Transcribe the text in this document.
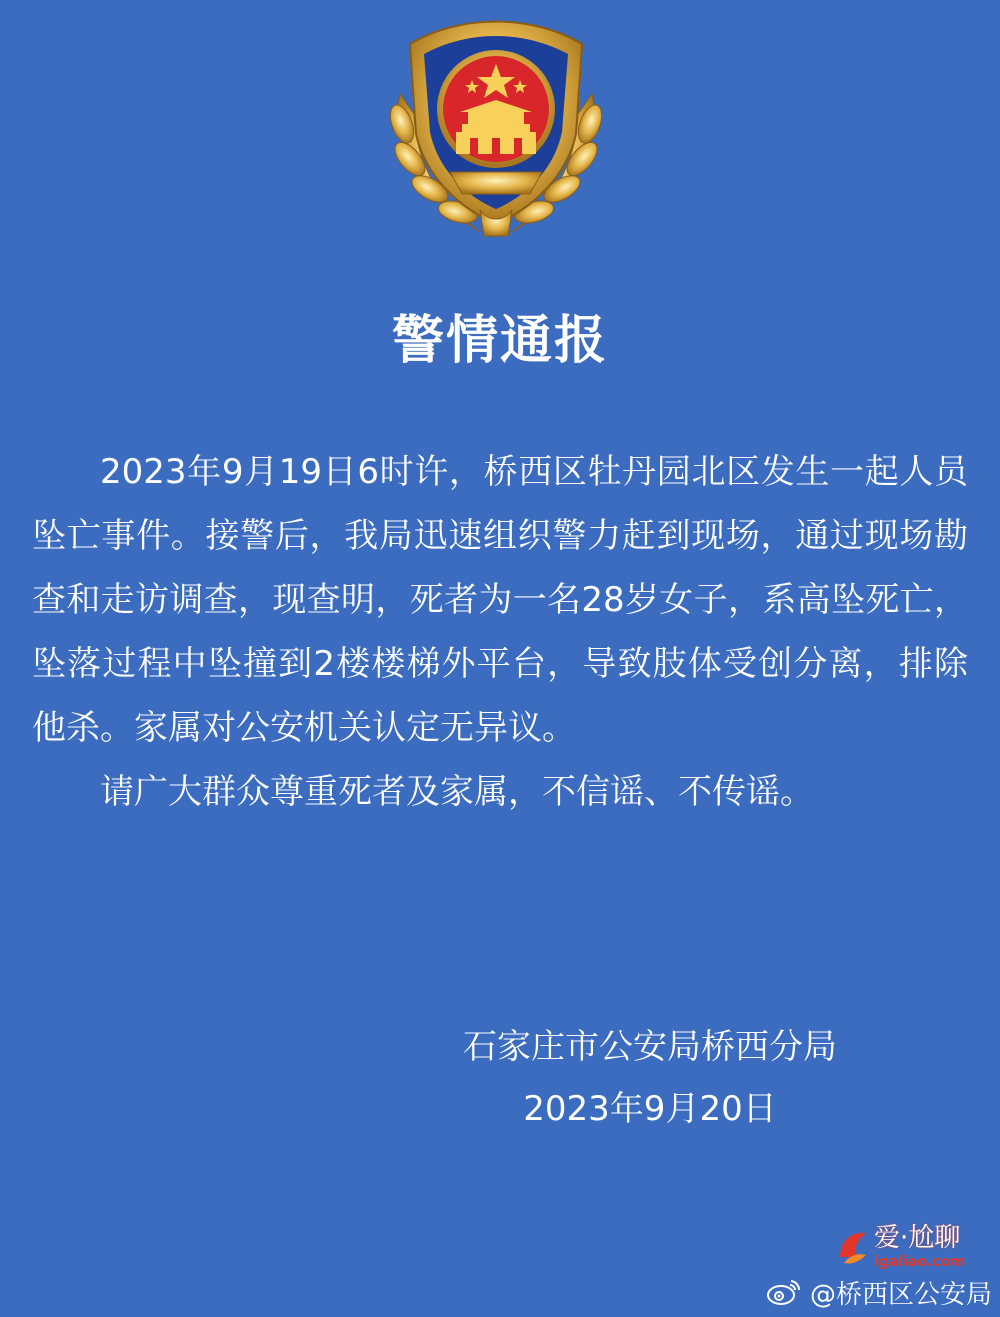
警情通报

2023年9月19日6时许，桥西区牡丹园北区发生一起人员坠亡事件。接警后，我局迅速组织警力赶到现场，通过现场勘查和走访调查，现查明，死者为一名28岁女子，系高坠死亡，坠落过程中坠撞到2楼楼梯外平台，导致肢体受创分离，排除他杀。家属对公安机关认定无异议。

请广大群众尊重死者及家属，不信谣、不传谣。

石家庄市公安局桥西分局
2023年9月20日
爱·尬聊
igaliao.com
@桥西区公安局
